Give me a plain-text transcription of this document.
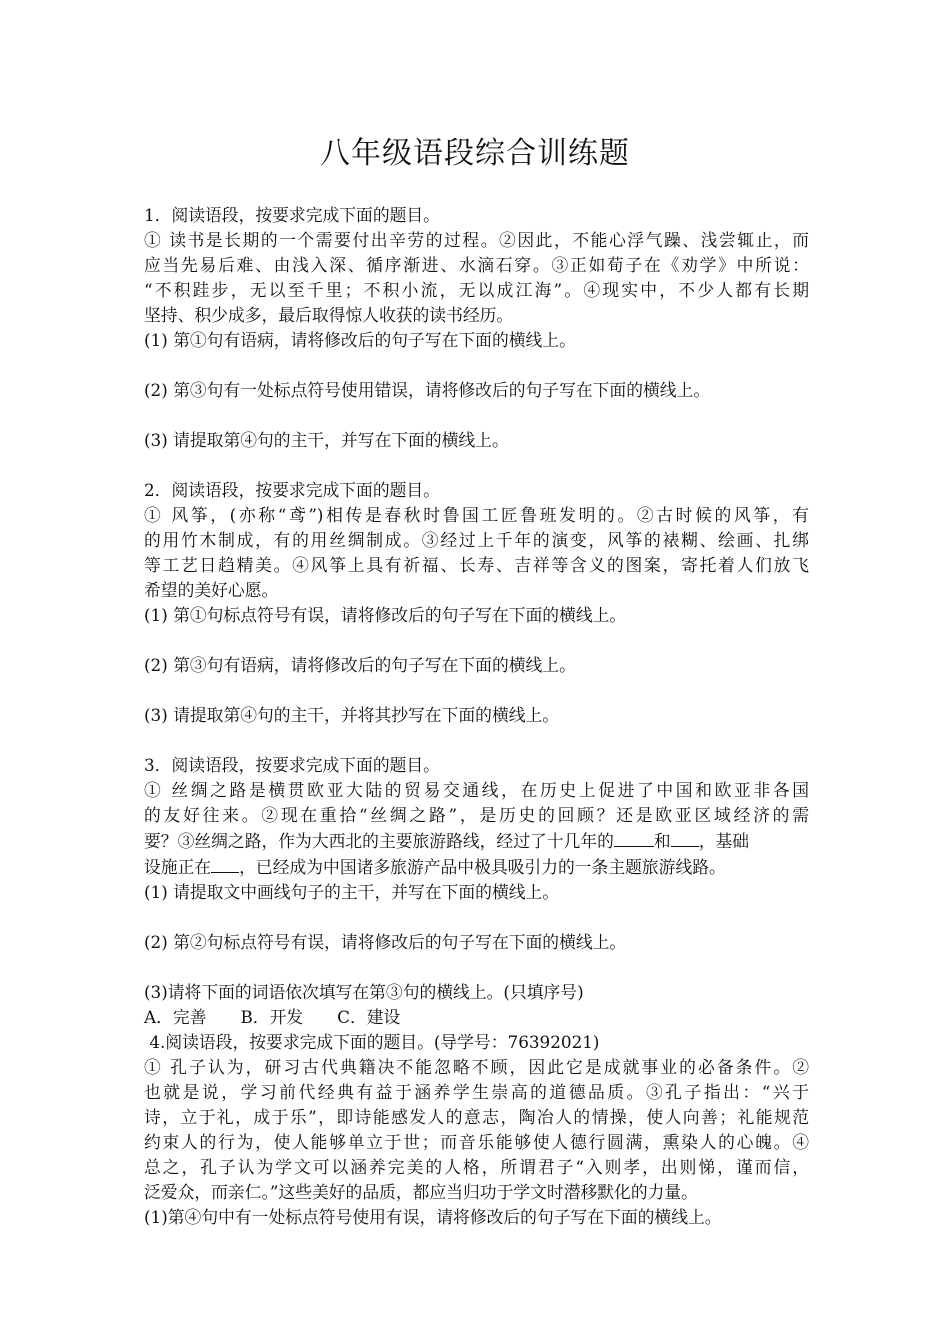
八年级语段综合训练题
1．阅读语段，按要求完成下面的题目。
① 读书是长期的一个需要付出辛劳的过程。②因此，不能心浮气躁、浅尝辄止，而
应当先易后难、由浅入深、循序渐进、水滴石穿。③正如荀子在《劝学》中所说：
“不积跬步，无以至千里；不积小流，无以成江海”。④现实中，不少人都有长期
坚持、积少成多，最后取得惊人收获的读书经历。
(1) 第①句有语病，请将修改后的句子写在下面的横线上。
(2) 第③句有一处标点符号使用错误，请将修改后的句子写在下面的横线上。
(3) 请提取第④句的主干，并写在下面的横线上。
2．阅读语段，按要求完成下面的题目。
① 风筝，(亦称“鸢”)相传是春秋时鲁国工匠鲁班发明的。②古时候的风筝，有
的用竹木制成，有的用丝绸制成。③经过上千年的演变，风筝的裱糊、绘画、扎绑
等工艺日趋精美。④风筝上具有祈福、长寿、吉祥等含义的图案，寄托着人们放飞
希望的美好心愿。
(1) 第①句标点符号有误，请将修改后的句子写在下面的横线上。
(2) 第③句有语病，请将修改后的句子写在下面的横线上。
(3) 请提取第④句的主干，并将其抄写在下面的横线上。
3．阅读语段，按要求完成下面的题目。
① 丝绸之路是横贯欧亚大陆的贸易交通线，在历史上促进了中国和欧亚非各国
的友好往来。②现在重拾“丝绸之路”，是历史的回顾？还是欧亚区域经济的需
要？③丝绸之路，作为大西北的主要旅游路线，经过了十几年的 和 ，基础
设施正在 ，已经成为中国诸多旅游产品中极具吸引力的一条主题旅游线路。
(1) 请提取文中画线句子的主干，并写在下面的横线上。
(2) 第②句标点符号有误，请将修改后的句子写在下面的横线上。
(3)请将下面的词语依次填写在第③句的横线上。(只填序号)
A．完善 B．开发 C．建设
4.阅读语段，按要求完成下面的题目。(导学号：76392021)
① 孔子认为，研习古代典籍决不能忽略不顾，因此它是成就事业的必备条件。②
也就是说，学习前代经典有益于涵养学生崇高的道德品质。③孔子指出：“兴于
诗，立于礼，成于乐”，即诗能感发人的意志，陶冶人的情操，使人向善；礼能规范
约束人的行为，使人能够单立于世；而音乐能够使人德行圆满，熏染人的心魄。④
总之，孔子认为学文可以涵养完美的人格，所谓君子“入则孝，出则悌，谨而信，
泛爱众，而亲仁。”这些美好的品质，都应当归功于学文时潜移默化的力量。
(1)第④句中有一处标点符号使用有误，请将修改后的句子写在下面的横线上。
